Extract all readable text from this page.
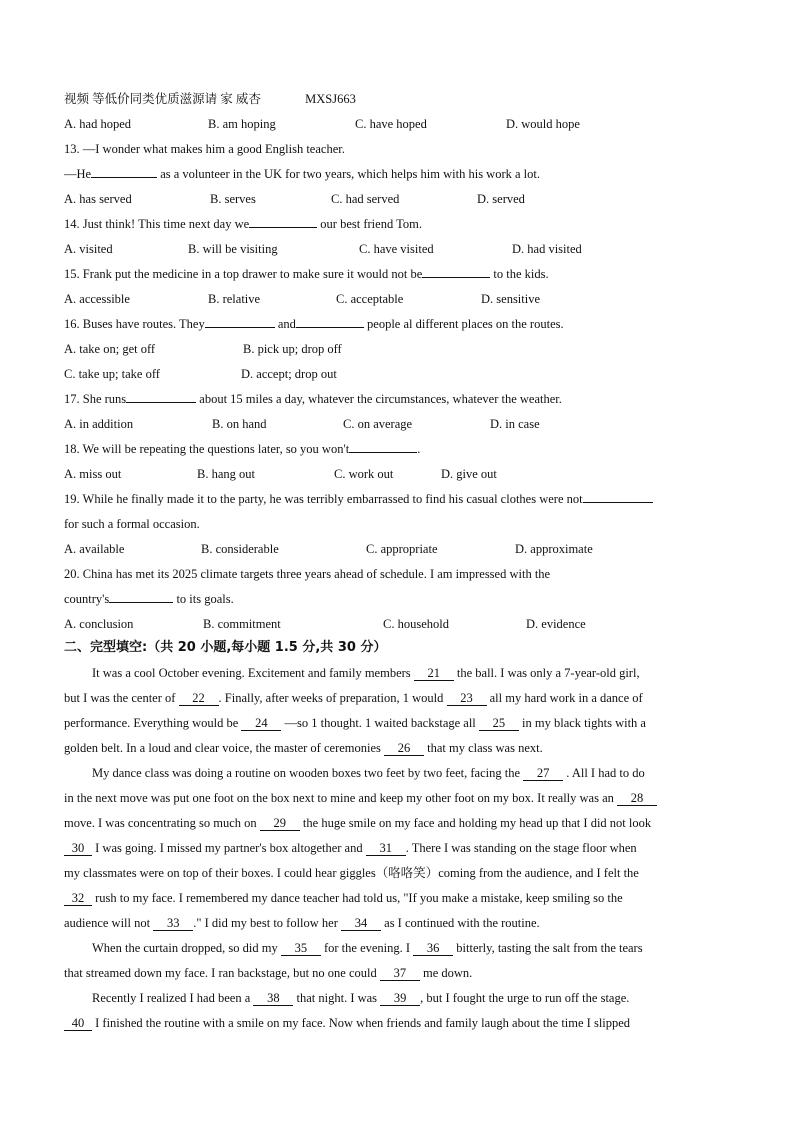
视频 等低价同类优质滋源请 家 威杏	MXSJ663
A. had hoped	B. am hoping	C. have hoped	D. would hope
13. —I wonder what makes him a good English teacher.
—He	as a volunteer in the UK for two years, which helps him with his work a lot.
A. has served	B. serves	C. had served	D. served
14. Just think! This time next day we	our best friend Tom.
A. visited	B. will be visiting	C. have visited	D. had visited
15. Frank put the medicine in a top drawer to make sure it would not be	to the kids.
A. accessible	B. relative	C. acceptable	D. sensitive
16. Buses have routes. They	and	people al different places on the routes.
A. take on; get off	B. pick up; drop off
C. take up; take off	D. accept; drop out
17. She runs	about 15 miles a day, whatever the circumstances, whatever the weather.
A. in addition	B. on hand	C. on average	D. in case
18. We will be repeating the questions later, so you won't	.
A. miss out	B. hang out	C. work out	D. give out
19. While he finally made it to the party, he was terribly embarrassed to find his casual clothes were not
for such a formal occasion.
A. available	B. considerable	C. appropriate	D. approximate
20. China has met its 2025 climate targets three years ahead of schedule. I am impressed with the
country's	to its goals.
A. conclusion	B. commitment	C. household	D. evidence
二、完型填空:（共 20 小题,每小题 1.5 分,共 30 分）
It was a cool October evening. Excitement and family members 21 the ball. I was only a 7-year-old girl,
but I was the center of 22 . Finally, after weeks of preparation, 1 would 23 all my hard work in a dance of
performance. Everything would be 24 —so 1 thought. 1 waited backstage all 25 in my black tights with a
golden belt. In a loud and clear voice, the master of ceremonies 26 that my class was next.
My dance class was doing a routine on wooden boxes two feet by two feet, facing the 27 . All I had to do
in the next move was put one foot on the box next to mine and keep my other foot on my box. It really was an 28
move. I was concentrating so much on 29 the huge smile on my face and holding my head up that I did not look
30 I was going. I missed my partner's box altogether and 31 . There I was standing on the stage floor when
my classmates were on top of their boxes. I could hear giggles（咯咯笑）coming from the audience, and I felt the
32 rush to my face. I remembered my dance teacher had told us, "If you make a mistake, keep smiling so the
audience will not 33 ." I did my best to follow her 34 as I continued with the routine.
When the curtain dropped, so did my 35 for the evening. I 36 bitterly, tasting the salt from the tears
that streamed down my face. I ran backstage, but no one could 37 me down.
Recently I realized I had been a 38 that night. I was 39 , but I fought the urge to run off the stage.
40 I finished the routine with a smile on my face. Now when friends and family laugh about the time I slipped
